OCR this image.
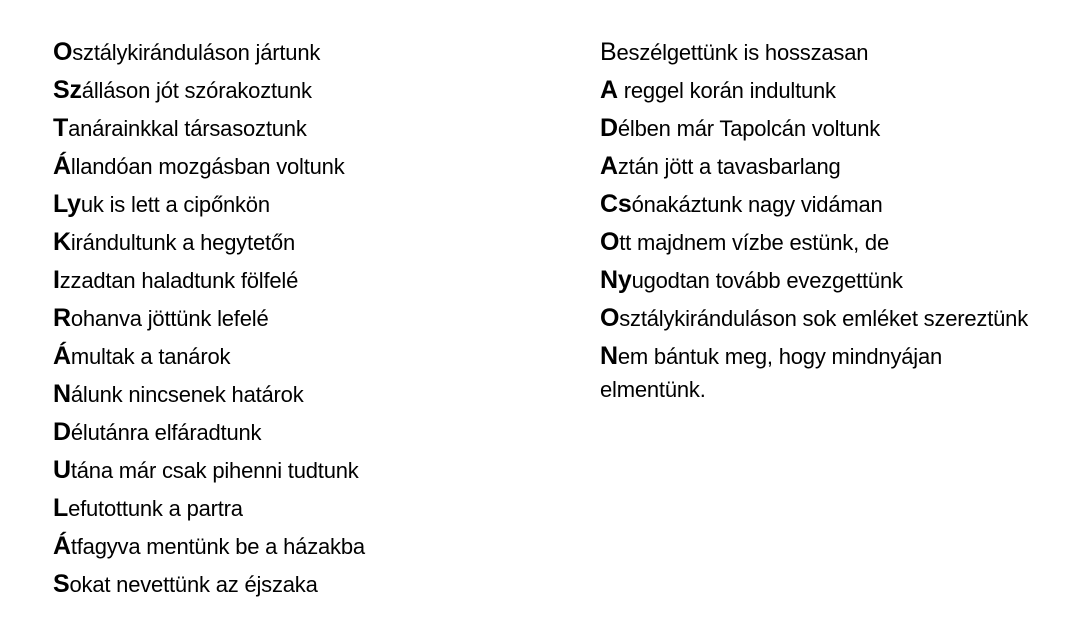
Osztálykiránduláson jártunk

Szálláson jót szórakoztunk

Tanárainkkal társasoztunk

Állandóan mozgásban voltunk

Lyuk is lett a cipőnkön

Kirándultunk a hegytetőn

Izzadtan haladtunk fölfelé

Rohanva jöttünk lefelé

Ámultak a tanárok

Nálunk nincsenek határok

Délutánra elfáradtunk

Utána már csak pihenni tudtunk

Lefutottunk a partra

Átfagyva mentünk be a házakba

Sokat nevettünk az éjszaka

Beszélgettünk is hosszasan

A reggel korán indultunk

Délben már Tapolcán voltunk

Aztán jött a tavasbarlang

Csónakáztunk nagy vidáman

Ott majdnem vízbe estünk, de

Nyugodtan tovább evezgettünk

Osztálykiránduláson sok emléket szereztünk

Nem bántuk meg, hogy mindnyájan
elmentünk.
